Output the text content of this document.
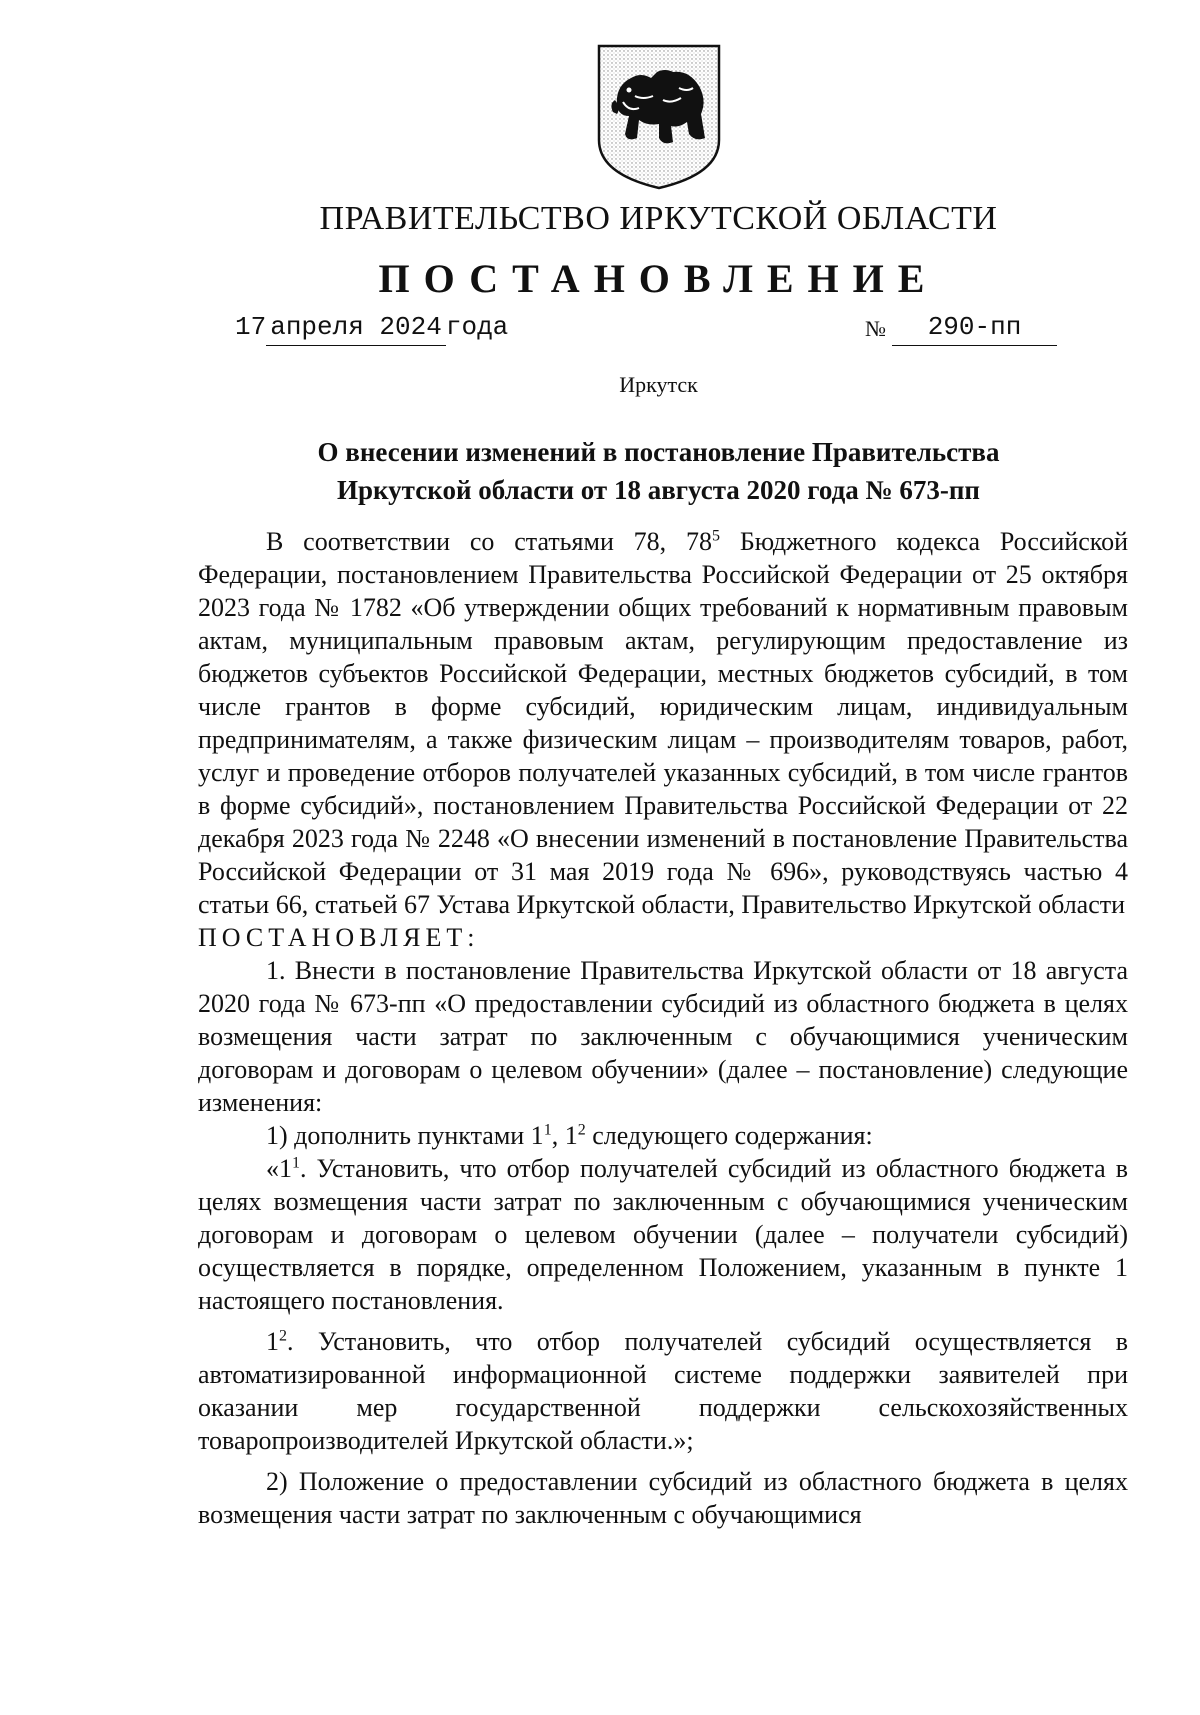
ПРАВИТЕЛЬСТВО ИРКУТСКОЙ ОБЛАСТИ
ПОСТАНОВЛЕНИЕ
17 апреля 2024 года	№ 290-пп
Иркутск
О внесении изменений в постановление Правительства
Иркутской области от 18 августа 2020 года № 673-пп

В соответствии со статьями 78, $78^5$ Бюджетного кодекса Российской Федерации, постановлением Правительства Российской Федерации от 25 октября 2023 года № 1782 «Об утверждении общих требований к нормативным правовым актам, муниципальным правовым актам, регулирующим предоставление из бюджетов субъектов Российской Федерации, местных бюджетов субсидий, в том числе грантов в форме субсидий, юридическим лицам, индивидуальным предпринимателям, а также физическим лицам – производителям товаров, работ, услуг и проведение отборов получателей указанных субсидий, в том числе грантов в форме субсидий», постановлением Правительства Российской Федерации от 22 декабря 2023 года № 2248 «О внесении изменений в постановление Правительства Российской Федерации от 31 мая 2019 года № 696», руководствуясь частью 4 статьи 66, статьей 67 Устава Иркутской области, Правительство Иркутской области

ПОСТАНОВЛЯЕТ:

1. Внести в постановление Правительства Иркутской области от 18 августа 2020 года № 673-пп «О предоставлении субсидий из областного бюджета в целях возмещения части затрат по заключенным с обучающимися ученическим договорам и договорам о целевом обучении» (далее – постановление) следующие изменения:

1) дополнить пунктами $1^1$, $1^2$ следующего содержания:

«$1^1$. Установить, что отбор получателей субсидий из областного бюджета в целях возмещения части затрат по заключенным с обучающимися ученическим договорам и договорам о целевом обучении (далее – получатели субсидий) осуществляется в порядке, определенном Положением, указанным в пункте 1 настоящего постановления.

$1^2$. Установить, что отбор получателей субсидий осуществляется в автоматизированной информационной системе поддержки заявителей при оказании мер государственной поддержки сельскохозяйственных товаропроизводителей Иркутской области.»;

2) Положение о предоставлении субсидий из областного бюджета в целях возмещения части затрат по заключенным с обучающимися
